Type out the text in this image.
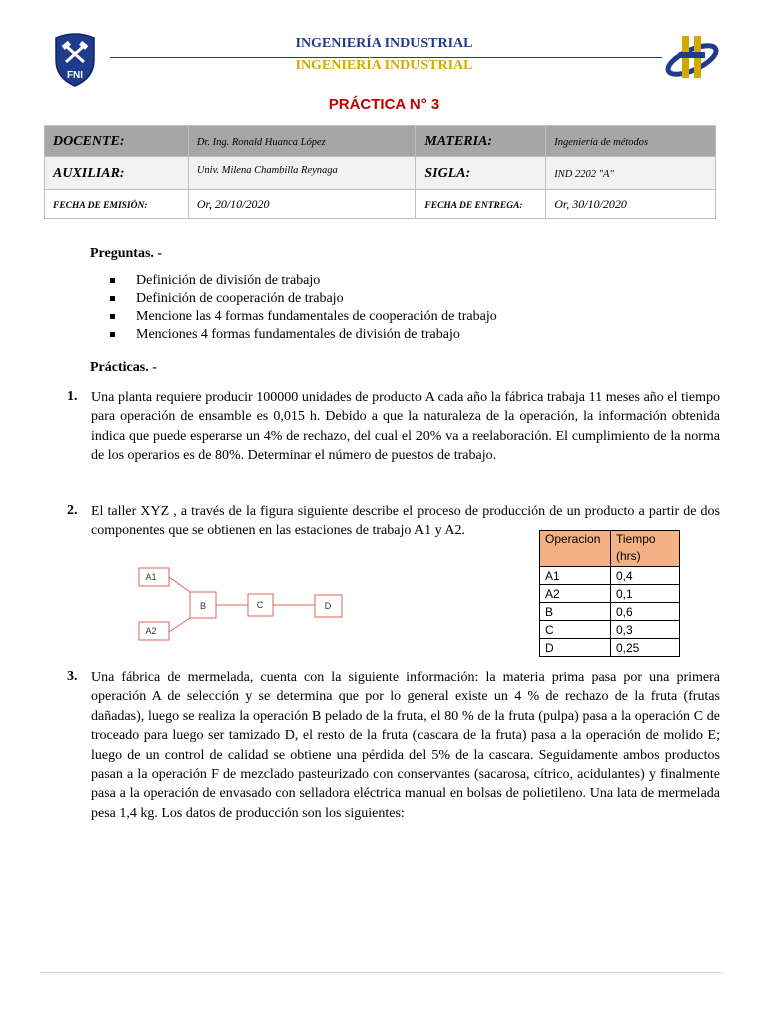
FNI
INGENIERÍA INDUSTRIAL
INGENIERÍA INDUSTRIAL
PRÁCTICA N° 3
DOCENTE:	Dr. Ing. Ronald Huanca López	MATERIA:	Ingeniería de métodos
AUXILIAR:	Univ. Milena Chambilla Reynaga	SIGLA:	IND 2202 "A"
FECHA DE EMISIÓN:	Or, 20/10/2020	FECHA DE ENTREGA:	Or, 30/10/2020
Preguntas. -
Definición de división de trabajo
Definición de cooperación de trabajo
Mencione las 4 formas fundamentales de cooperación de trabajo
Menciones 4 formas fundamentales de división de trabajo
Prácticas. -
1. Una planta requiere producir 100000 unidades de producto A cada año la fábrica trabaja 11 meses año el tiempo para operación de ensamble es 0,015 h. Debido a que la naturaleza de la operación, la información obtenida indica que puede esperarse un 4% de rechazo, del cual el 20% va a reelaboración. El cumplimiento de la norma de los operarios es de 80%. Determinar el número de puestos de trabajo.
2. El taller XYZ , a través de la figura siguiente describe el proceso de producción de un producto a partir de dos componentes que se obtienen en las estaciones de trabajo A1 y A2.
A1
A2
B	C	D
Operacion	Tiempo (hrs)
A1	0,4
A2	0,1
B	0,6
C	0,3
D	0,25
3. Una fábrica de mermelada, cuenta con la siguiente información: la materia prima pasa por una primera operación A de selección y se determina que por lo general existe un 4 % de rechazo de la fruta (frutas dañadas), luego se realiza la operación B pelado de la fruta, el 80 % de la fruta (pulpa) pasa a la operación C de troceado para luego ser tamizado D, el resto de la fruta (cascara de la fruta) pasa a la operación de molido E; luego de un control de calidad se obtiene una pérdida del 5% de la cascara. Seguidamente ambos productos pasan a la operación F de mezclado pasteurizado con conservantes (sacarosa, cítrico, acidulantes) y finalmente pasa a la operación de envasado con selladora eléctrica manual en bolsas de polietileno. Una lata de mermelada pesa 1,4 kg. Los datos de producción son los siguientes:
